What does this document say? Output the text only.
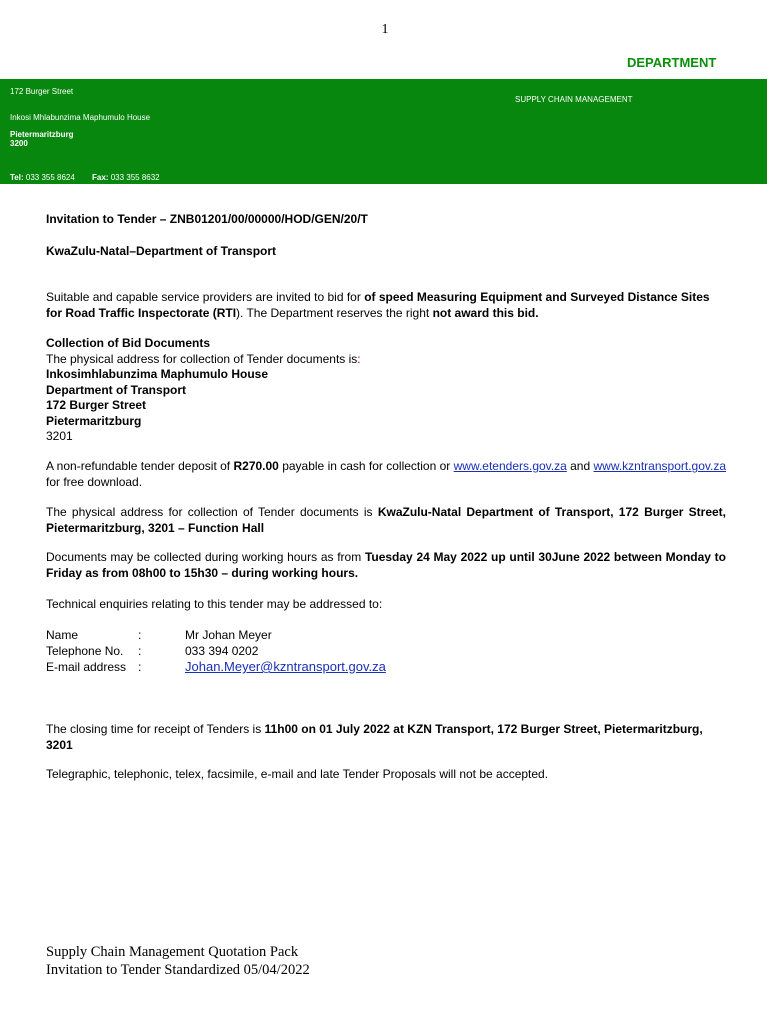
1
DEPARTMENT
172 Burger Street
Inkosi Mhlabunzima Maphumulo House
Pietermaritzburg
3200
Tel: 033 355 8624 Fax: 033 355 8632
SUPPLY CHAIN MANAGEMENT

Invitation to Tender – ZNB01201/00/00000/HOD/GEN/20/T

KwaZulu-Natal–Department of Transport

Suitable and capable service providers are invited to bid for of speed Measuring Equipment and Surveyed Distance Sites for Road Traffic Inspectorate (RTI). The Department reserves the right not award this bid.

Collection of Bid Documents

The physical address for collection of Tender documents is:

Inkosimhlabunzima Maphumulo House

Department of Transport

172 Burger Street

Pietermaritzburg

3201

A non-refundable tender deposit of R270.00 payable in cash for collection or www.etenders.gov.za and www.kzntransport.gov.za for free download.

The physical address for collection of Tender documents is KwaZulu-Natal Department of Transport, 172 Burger Street, Pietermaritzburg, 3201 – Function Hall

Documents may be collected during working hours as from Tuesday 24 May 2022 up until 30June 2022 between Monday to Friday as from 08h00 to 15h30 – during working hours.

Technical enquiries relating to this tender may be addressed to:

Name	:	Mr Johan Meyer
Telephone No. :	033 394 0202
E-mail address :	Johan.Meyer@kzntransport.gov.za

The closing time for receipt of Tenders is 11h00 on 01 July 2022 at KZN Transport, 172 Burger Street, Pietermaritzburg, 3201

Telegraphic, telephonic, telex, facsimile, e-mail and late Tender Proposals will not be accepted.

Supply Chain Management Quotation Pack
Invitation to Tender Standardized 05/04/2022
